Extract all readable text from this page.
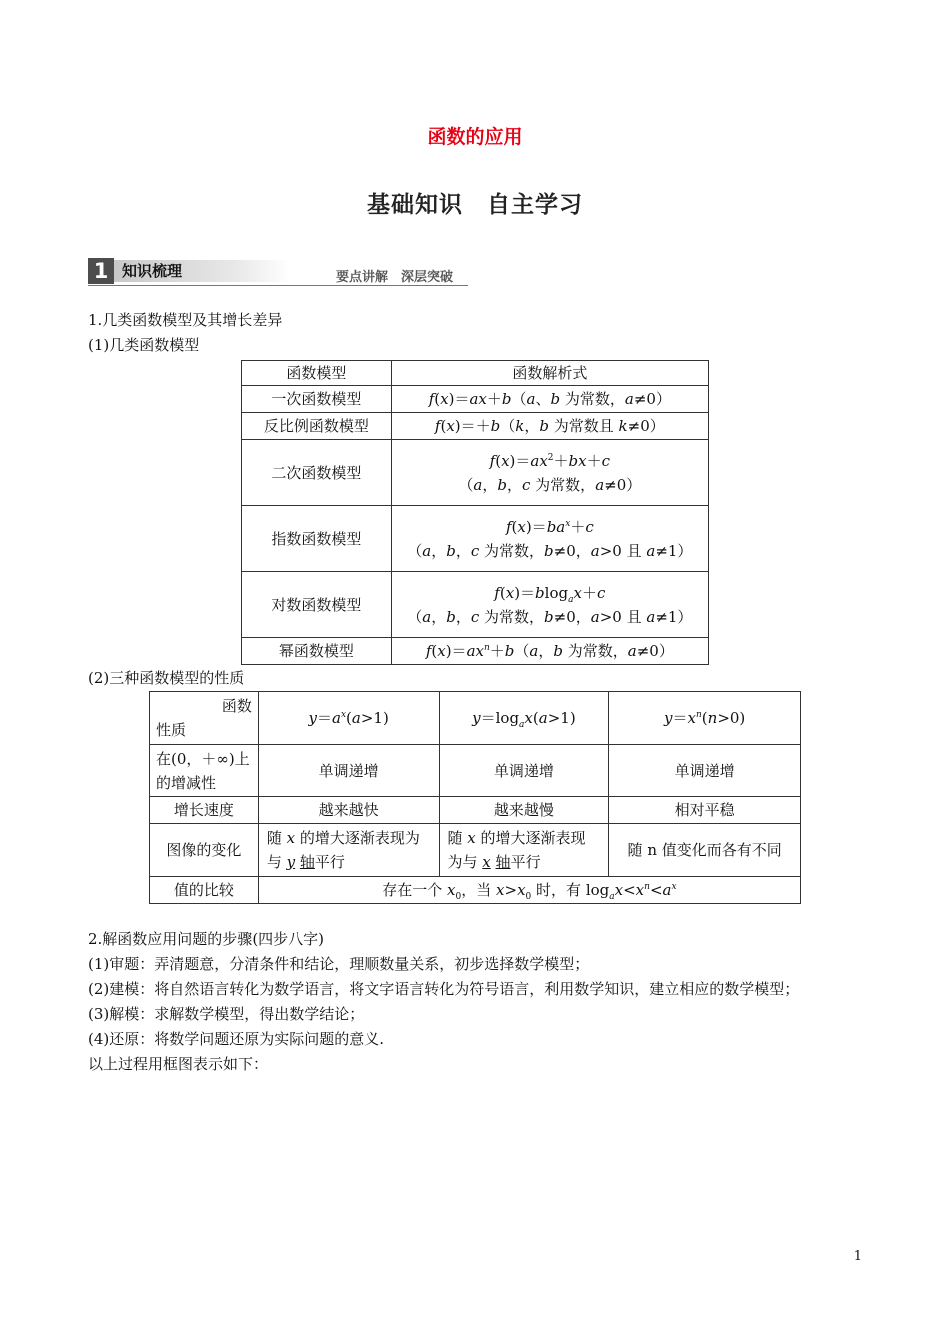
函数的应用
基础知识　自主学习
1 知识梳理	要点讲解　深层突破
1.几类函数模型及其增长差异
(1)几类函数模型
函数模型	函数解析式
一次函数模型	f(x)＝ax＋b（a、b 为常数，a≠0）
反比例函数模型	f(x)＝＋b（k，b 为常数且 k≠0）
二次函数模型	$f(x)=ax^2+bx+c$
（a，b，c 为常数，a≠0）
指数函数模型	$f(x)=ba^x+c$
（a，b，c 为常数，b≠0，a>0 且 a≠1）
对数函数模型	f(x)＝blog$_a$x＋c
（a，b，c 为常数，b≠0，a>0 且 a≠1）
幂函数模型	$f(x)=ax^n+b(a$，b 为常数，a≠0）
(2)三种函数模型的性质
函数
性质	$y=a^x(a>1)$	$y=\log_ax(a>1)$	$y=x^n(n>0)$
在(0，＋∞)上的增减性	单调递增	单调递增	单调递增
增长速度	越来越快	越来越慢	相对平稳
图像的变化	随 x 的增大逐渐表现为与 y 轴平行	随 x 的增大逐渐表现为与 x 轴平行	随 n 值变化而各有不同
值的比较	存在一个 $x_0$，当 $x>x_0$ 时，有 $\log_ax<x^n<a^x$
2.解函数应用问题的步骤(四步八字)
(1)审题：弄清题意，分清条件和结论，理顺数量关系，初步选择数学模型；
(2)建模：将自然语言转化为数学语言，将文字语言转化为符号语言，利用数学知识，建立相应的数学模型；
(3)解模：求解数学模型，得出数学结论；
(4)还原：将数学问题还原为实际问题的意义.
以上过程用框图表示如下：
1
